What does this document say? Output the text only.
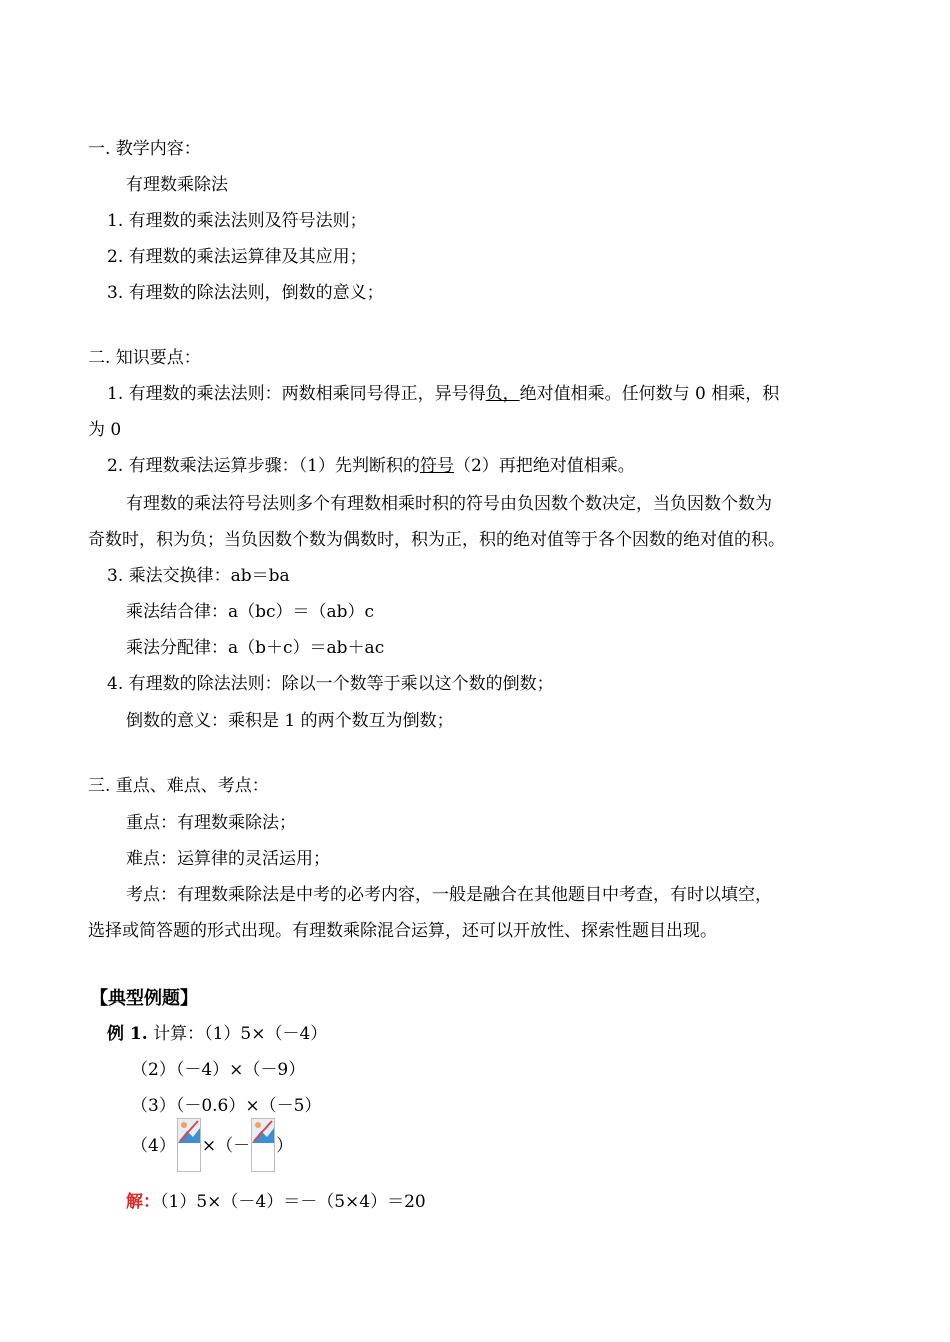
一. 教学内容：
有理数乘除法
1. 有理数的乘法法则及符号法则；
2. 有理数的乘法运算律及其应用；
3. 有理数的除法法则，倒数的意义；
二. 知识要点：
1. 有理数的乘法法则：两数相乘同号得正，异号得负，绝对值相乘。任何数与 0 相乘，积
为 0
2. 有理数乘法运算步骤：（1）先判断积的符号（2）再把绝对值相乘。
有理数的乘法符号法则多个有理数相乘时积的符号由负因数个数决定，当负因数个数为
奇数时，积为负；当负因数个数为偶数时，积为正，积的绝对值等于各个因数的绝对值的积。
3. 乘法交换律：ab＝ba
乘法结合律：a（bc）＝（ab）c
乘法分配律：a（b＋c）＝ab＋ac
4. 有理数的除法法则：除以一个数等于乘以这个数的倒数；
倒数的意义：乘积是 1 的两个数互为倒数；
三. 重点、难点、考点：
重点：有理数乘除法；
难点：运算律的灵活运用；
考点：有理数乘除法是中考的必考内容，一般是融合在其他题目中考查，有时以填空，
选择或简答题的形式出现。有理数乘除混合运算，还可以开放性、探索性题目出现。
【典型例题】
例 1. 计算：（1）5×（－4）
（2）（－4）×（－9）
（3）（－0.6）×（－5）
（4） ×（－ ）
解：（1）5×（－4）＝－（5×4）＝20
